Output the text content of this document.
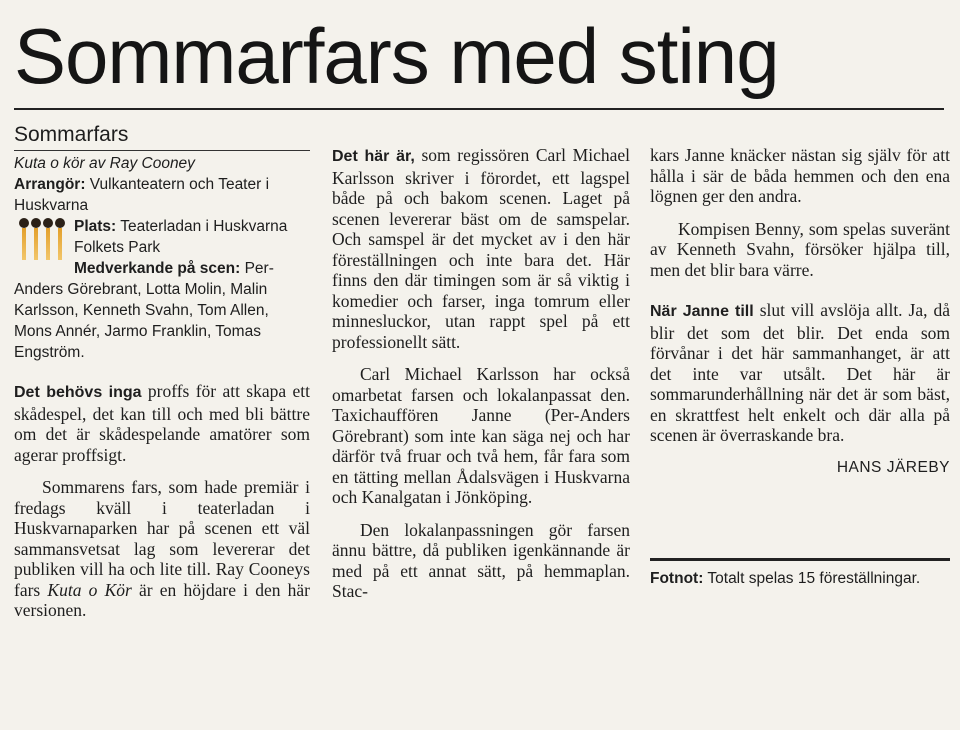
Sommarfars med sting
Sommarfars
Kuta o kör av Ray Cooney
Arrangör: Vulkanteatern och Teater i Huskvarna
Plats: Teaterladan i Huskvarna Folkets Park
Medverkande på scen: Per-Anders Görebrant, Lotta Molin, Malin Karlsson, Kenneth Svahn, Tom Allen, Mons Annér, Jarmo Franklin, Tomas Engström.

Det behövs inga proffs för att skapa ett skådespel, det kan till och med bli bättre om det är skådespelande amatörer som agerar proffsigt.

Sommarens fars, som hade premiär i fredags kväll i teaterladan i Huskvarnaparken har på scenen ett väl sammansvetsat lag som levererar det publiken vill ha och lite till. Ray Cooneys fars Kuta o Kör är en höjdare i den här versionen.

Det här är, som regissören Carl Michael Karlsson skriver i förordet, ett lagspel både på och bakom scenen. Laget på scenen levererar bäst om de samspelar. Och samspel är det mycket av i den här föreställningen och inte bara det. Här finns den där timingen som är så viktig i komedier och farser, inga tomrum eller minnesluckor, utan rappt spel på ett professionellt sätt.

Carl Michael Karlsson har också omarbetat farsen och lokalanpassat den. Taxichauffören Janne (Per-Anders Görebrant) som inte kan säga nej och har därför två fruar och två hem, får fara som en tätting mellan Ådalsvägen i Huskvarna och Kanalgatan i Jönköping.

Den lokalanpassningen gör farsen ännu bättre, då publiken igenkännande är med på ett annat sätt, på hemmaplan. Stac-

kars Janne knäcker nästan sig själv för att hålla i sär de båda hemmen och den ena lögnen ger den andra.

Kompisen Benny, som spelas suveränt av Kenneth Svahn, försöker hjälpa till, men det blir bara värre.

När Janne till slut vill avslöja allt. Ja, då blir det som det blir. Det enda som förvånar i det här sammanhanget, är att det inte var utsålt. Det här är sommarunderhållning när det är som bäst, en skrattfest helt enkelt och där alla på scenen är överraskande bra.

HANS JÄREBY
Fotnot: Totalt spelas 15 föreställningar.
